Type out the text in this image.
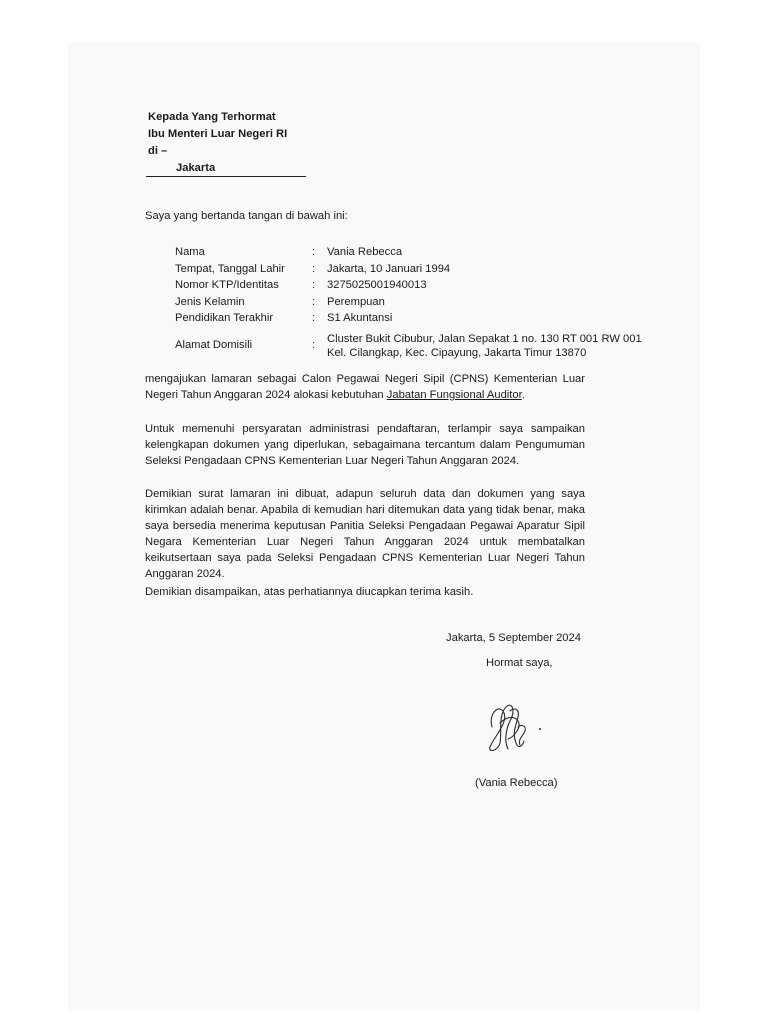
Kepada Yang Terhormat
Ibu Menteri Luar Negeri RI
di –
Jakarta
Saya yang bertanda tangan di bawah ini:
Nama	:	Vania Rebecca
Tempat, Tanggal Lahir	:	Jakarta, 10 Januari 1994
Nomor KTP/Identitas	:	3275025001940013
Jenis Kelamin	:	Perempuan
Pendidikan Terakhir	:	S1 Akuntansi
Alamat Domisili	:
Cluster Bukit Cibubur, Jalan Sepakat 1 no. 130 RT 001 RW 001
Kel. Cilangkap, Kec. Cipayung, Jakarta Timur 13870
mengajukan lamaran sebagai Calon Pegawai Negeri Sipil (CPNS) Kementerian Luar Negeri Tahun Anggaran 2024 alokasi kebutuhan Jabatan Fungsional Auditor.
Untuk memenuhi persyaratan administrasi pendaftaran, terlampir saya sampaikan kelengkapan dokumen yang diperlukan, sebagaimana tercantum dalam Pengumuman Seleksi Pengadaan CPNS Kementerian Luar Negeri Tahun Anggaran 2024.
Demikian surat lamaran ini dibuat, adapun seluruh data dan dokumen yang saya kirimkan adalah benar. Apabila di kemudian hari ditemukan data yang tidak benar, maka saya bersedia menerima keputusan Panitia Seleksi Pengadaan Pegawai Aparatur Sipil Negara Kementerian Luar Negeri Tahun Anggaran 2024 untuk membatalkan keikutsertaan saya pada Seleksi Pengadaan CPNS Kementerian Luar Negeri Tahun Anggaran 2024.
Demikian disampaikan, atas perhatiannya diucapkan terima kasih.
Jakarta, 5 September 2024
Hormat saya,
(Vania Rebecca)
